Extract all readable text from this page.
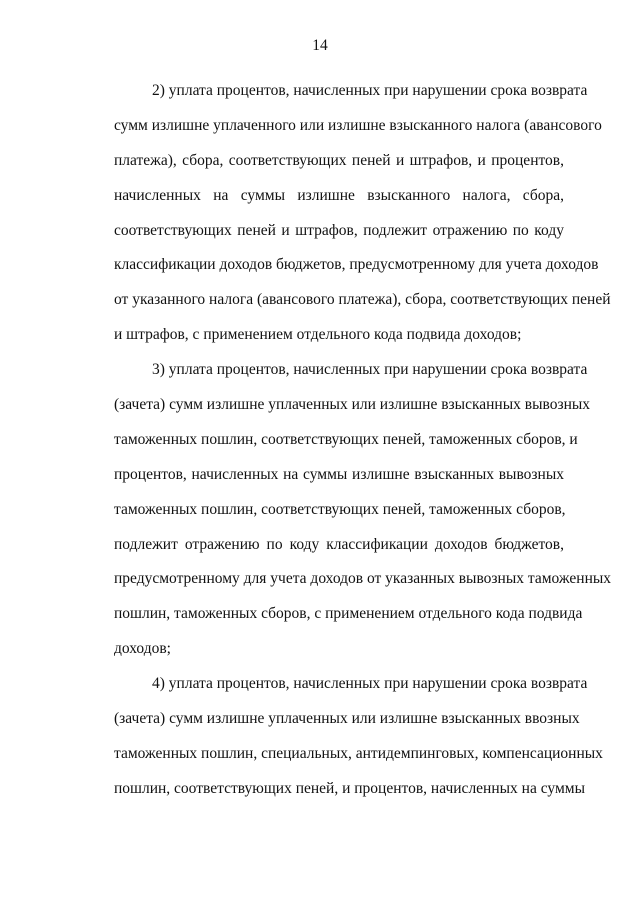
14
2) уплата процентов, начисленных при нарушении срока возврата
сумм излишне уплаченного или излишне взысканного налога (авансового
платежа), сбора, соответствующих пеней и штрафов, и процентов,
начисленных на суммы излишне взысканного налога, сбора,
соответствующих пеней и штрафов, подлежит отражению по коду
классификации доходов бюджетов, предусмотренному для учета доходов
от указанного налога (авансового платежа), сбора, соответствующих пеней
и штрафов, с применением отдельного кода подвида доходов;
3) уплата процентов, начисленных при нарушении срока возврата
(зачета) сумм излишне уплаченных или излишне взысканных вывозных
таможенных пошлин, соответствующих пеней, таможенных сборов, и
процентов, начисленных на суммы излишне взысканных вывозных
таможенных пошлин, соответствующих пеней, таможенных сборов,
подлежит отражению по коду классификации доходов бюджетов,
предусмотренному для учета доходов от указанных вывозных таможенных
пошлин, таможенных сборов, с применением отдельного кода подвида
доходов;
4) уплата процентов, начисленных при нарушении срока возврата
(зачета) сумм излишне уплаченных или излишне взысканных ввозных
таможенных пошлин, специальных, антидемпинговых, компенсационных
пошлин, соответствующих пеней, и процентов, начисленных на суммы
